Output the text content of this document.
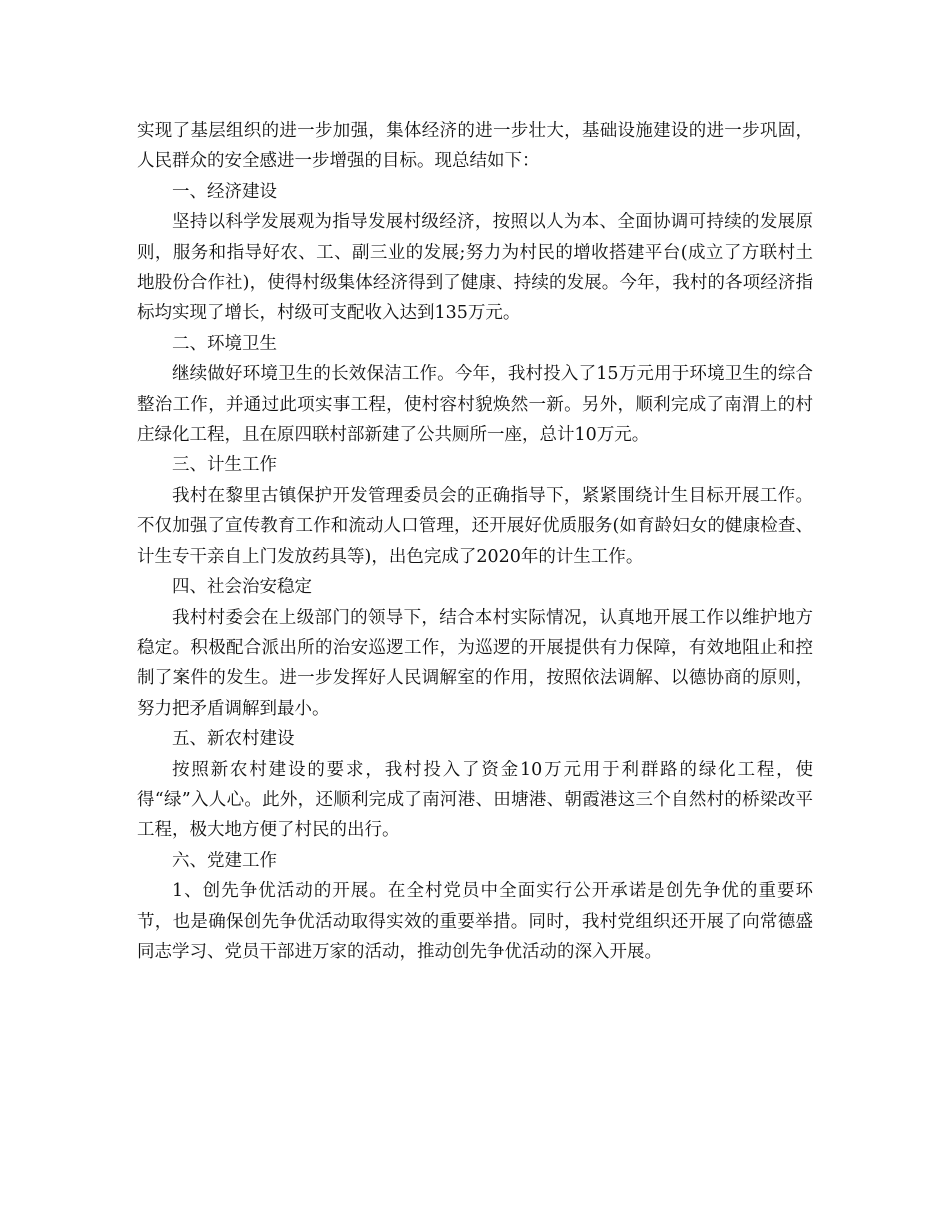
实现了基层组织的进一步加强，集体经济的进一步壮大，基础设施建设的进一步巩固，人民群众的安全感进一步增强的目标。现总结如下：

一、经济建设

坚持以科学发展观为指导发展村级经济，按照以人为本、全面协调可持续的发展原则，服务和指导好农、工、副三业的发展;努力为村民的增收搭建平台(成立了方联村土地股份合作社)，使得村级集体经济得到了健康、持续的发展。今年，我村的各项经济指标均实现了增长，村级可支配收入达到135万元。

二、环境卫生

继续做好环境卫生的长效保洁工作。今年，我村投入了15万元用于环境卫生的综合整治工作，并通过此项实事工程，使村容村貌焕然一新。另外，顺利完成了南渭上的村庄绿化工程，且在原四联村部新建了公共厕所一座，总计10万元。

三、计生工作

我村在黎里古镇保护开发管理委员会的正确指导下，紧紧围绕计生目标开展工作。不仅加强了宣传教育工作和流动人口管理，还开展好优质服务(如育龄妇女的健康检查、计生专干亲自上门发放药具等)，出色完成了2020年的计生工作。

四、社会治安稳定

我村村委会在上级部门的领导下，结合本村实际情况，认真地开展工作以维护地方稳定。积极配合派出所的治安巡逻工作，为巡逻的开展提供有力保障，有效地阻止和控制了案件的发生。进一步发挥好人民调解室的作用，按照依法调解、以德协商的原则，努力把矛盾调解到最小。

五、新农村建设

按照新农村建设的要求，我村投入了资金10万元用于利群路的绿化工程，使得“绿”入人心。此外，还顺利完成了南河港、田塘港、朝霞港这三个自然村的桥梁改平工程，极大地方便了村民的出行。

六、党建工作

1、创先争优活动的开展。在全村党员中全面实行公开承诺是创先争优的重要环节，也是确保创先争优活动取得实效的重要举措。同时，我村党组织还开展了向常德盛同志学习、党员干部进万家的活动，推动创先争优活动的深入开展。
